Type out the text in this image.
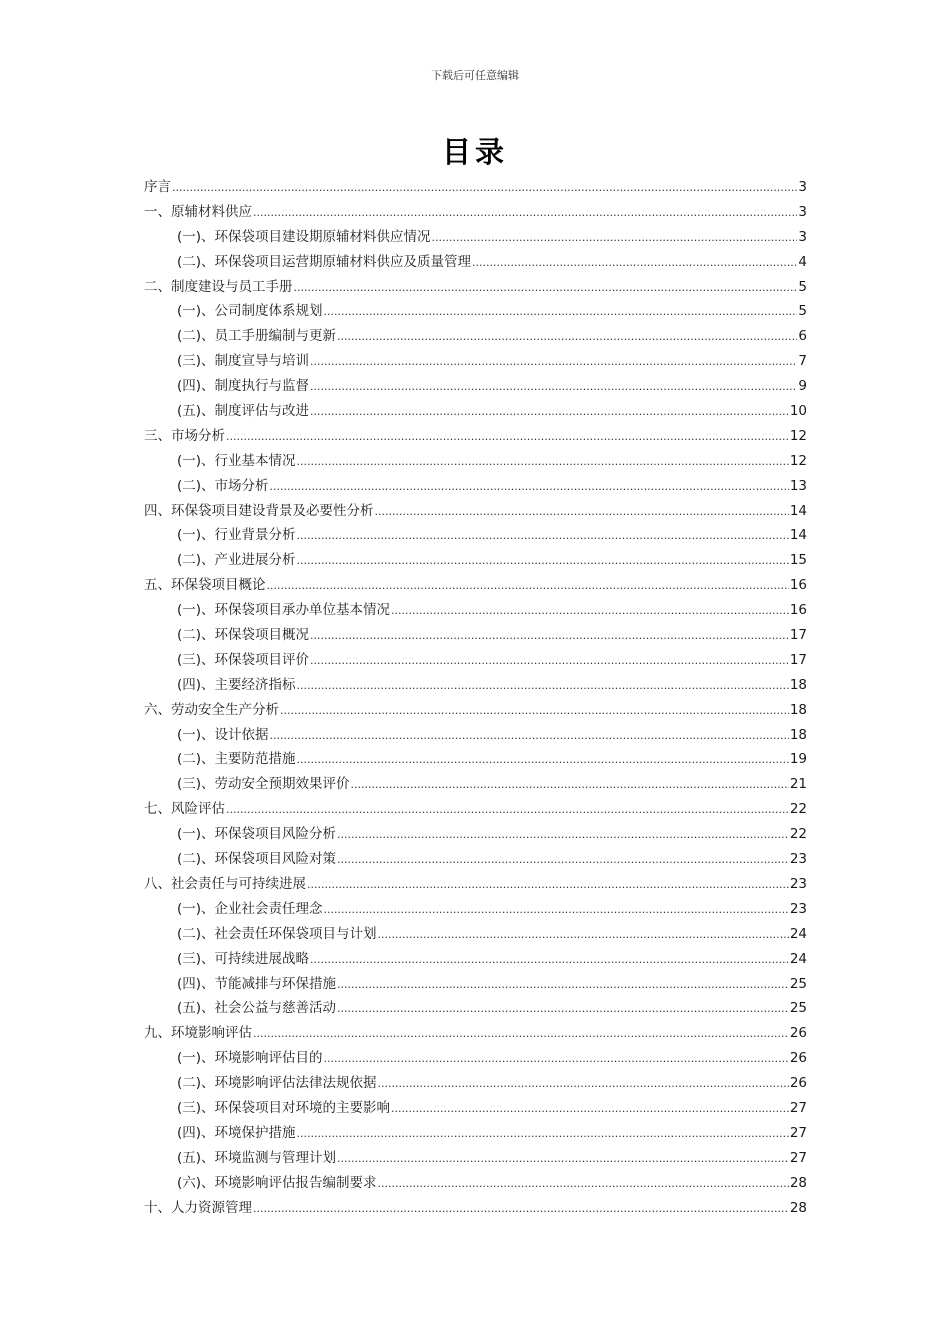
下载后可任意编辑
目录
序言 .....	3
一、原辅材料供应 .....	3
(一)、环保袋项目建设期原辅材料供应情况 .....	3
(二)、环保袋项目运营期原辅材料供应及质量管理 .....	4
二、制度建设与员工手册 .....	5
(一)、公司制度体系规划 .....	5
(二)、员工手册编制与更新 .....	6
(三)、制度宣导与培训 .....	7
(四)、制度执行与监督 .....	9
(五)、制度评估与改进 .....	10
三、市场分析 .....	12
(一)、行业基本情况 .....	12
(二)、市场分析 .....	13
四、环保袋项目建设背景及必要性分析 .....	14
(一)、行业背景分析 .....	14
(二)、产业进展分析 .....	15
五、环保袋项目概论 .....	16
(一)、环保袋项目承办单位基本情况 .....	16
(二)、环保袋项目概况 .....	17
(三)、环保袋项目评价 .....	17
(四)、主要经济指标 .....	18
六、劳动安全生产分析 .....	18
(一)、设计依据 .....	18
(二)、主要防范措施 .....	19
(三)、劳动安全预期效果评价 .....	21
七、风险评估 .....	22
(一)、环保袋项目风险分析 .....	22
(二)、环保袋项目风险对策 .....	23
八、社会责任与可持续进展 .....	23
(一)、企业社会责任理念 .....	23
(二)、社会责任环保袋项目与计划 .....	24
(三)、可持续进展战略 .....	24
(四)、节能减排与环保措施 .....	25
(五)、社会公益与慈善活动 .....	25
九、环境影响评估 .....	26
(一)、环境影响评估目的 .....	26
(二)、环境影响评估法律法规依据 .....	26
(三)、环保袋项目对环境的主要影响 .....	27
(四)、环境保护措施 .....	27
(五)、环境监测与管理计划 .....	27
(六)、环境影响评估报告编制要求 .....	28
十、人力资源管理 .....	28
